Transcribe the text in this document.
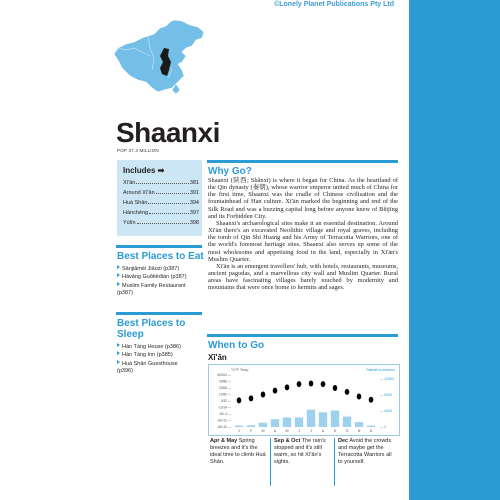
©Lonely Planet Publications Pty Ltd
Shaanxi
POP 37.4 MILLION
Includes ➡
Xī'ān	381
Around Xī'ān	391
Huá Shān	394
Hánchéng	397
Yúlín	398
Best Places to Eat
Sānjiāmèi Jiǎozi (p387)
Hǎvǎng Guōtiēdiàn (p387)
Muslim Family Restaurant
(p387)
Best Places to
Sleep
Hàn Táng House (p386)
Hàn Táng Inn (p385)
Huá Shān Guesthouse
(p396)
Why Go?

Shaanxi (陕西; Shǎnxī) is where it began for China. As the heartland of the Qin dynasty (秦朝), whose warrior emperor united much of China for the first time, Shaanxi was the cradle of Chinese civilisation and the fountainhead of Han culture. Xī'ān marked the beginning and end of the Silk Road and was a buzzing capital long before anyone knew of Běijīng and its Forbidden City.

Shaanxi's archaeological sites make it an essential destination. Around Xī'ān there's an excavated Neolithic village and royal graves, including the tomb of Qin Shi Huang and his Army of Terracotta Warriors, one of the world's foremost heritage sites. Shaanxi also serves up some of the most wholesome and appetising food in the land, especially in Xī'ān's Muslim Quarter.

Xī'ān is an emergent travellers' hub, with hotels, restaurants, museums, ancient pagodas, and a marvellous city wall and Muslim Quarter. Rural areas have fascinating villages barely touched by modernity and mountains that were once home to hermits and sages.

When to Go
Xī'ān
°C/°F Temp	Rainfall inches/mm
40/104 —
30/86 —
20/68 —
10/50 —
0/32 —
-10/14 —
-20/-4 —
-30/-22 —
-40/-40 —
— 12/300
— 8/200
— 4/100
— 0
J	F	M	A	M	J	J	A	S	O	N	D
Apr & May Spring breezes and it's the ideal time to climb Huá Shān.
Sep & Oct The rain's stopped and it's still warm, so hit Xī'ān's sights.
Dec Avoid the crowds and maybe get the Terracotta Warriors all to yourself.
